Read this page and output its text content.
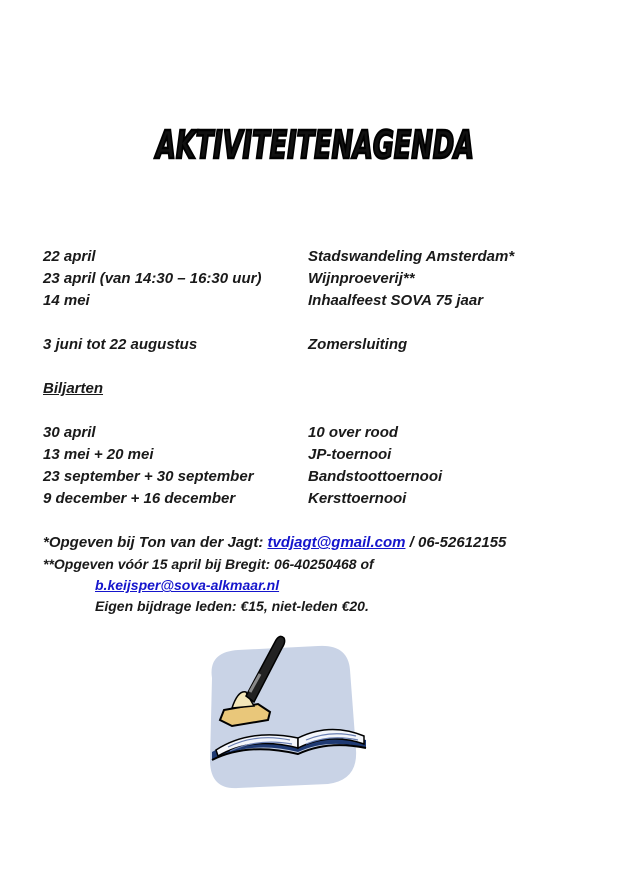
AKTIVITEITENAGENDA
22 april	Stadswandeling Amsterdam*
23 april (van 14:30 – 16:30 uur)	Wijnproeverij**
14 mei	Inhaalfeest SOVA 75 jaar
3 juni tot 22 augustus	Zomersluiting
Biljarten
30 april	10 over rood
13 mei + 20 mei	JP-toernooi
23 september + 30 september	Bandstoottoernooi
9 december + 16 december	Kersttoernooi
*Opgeven bij Ton van der Jagt: tvdjagt@gmail.com / 06-52612155
**Opgeven vóór 15 april bij Bregit: 06-40250468 of
b.keijsper@sova-alkmaar.nl
Eigen bijdrage leden: €15, niet-leden €20.
